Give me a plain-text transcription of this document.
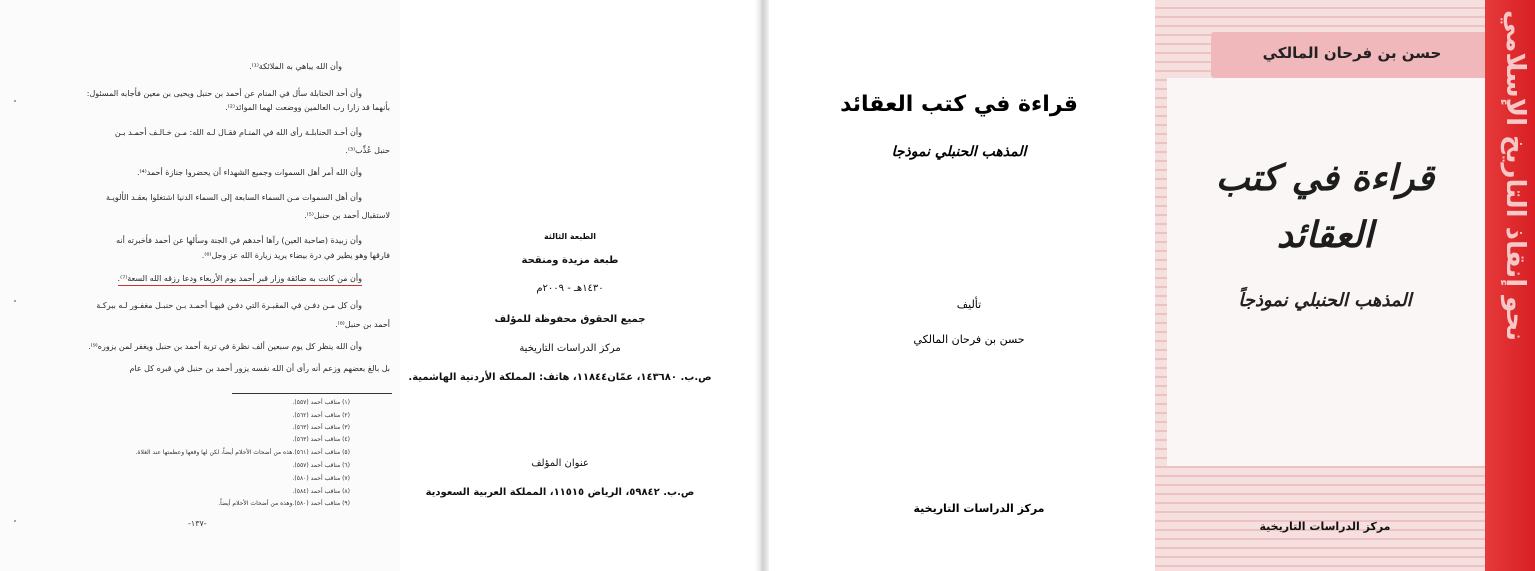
وأن الله يباهي به الملائكة⁽¹⁾.
وأن أحد الحنابلة سأل في المنام عن أحمد بن حنبل ويحيى بن معين فأجابه المسئول:
بأنهما قد زارا رب العالمين ووضعت لهما الموائد⁽²⁾.
وأن أحـد الحنابلـة رأى الله في المنـام فقـال لـه الله: مـن خـالـف أحمـد بـن
حنبل عُذِّب⁽³⁾.
وأن الله أمر أهل السموات وجميع الشهداء أن يحضروا جنازة أحمد⁽⁴⁾.
وأن أهل السموات مـن السماء السابعة إلى السماء الدنيا اشتغلوا بعقـد الألويـة
لاستقبال أحمد بن حنبل⁽⁵⁾.
وأن زبيدة (صاحبة العين) رآها أحدهم في الجنة وسألها عن أحمد فأخبرته أنه
فارقها وهو يطير في درة بيضاء يريد زيارة الله عز وجل⁽⁶⁾.
وأن من كانت به ضائقة وزار قبر أحمد يوم الأربعاء ودعا رزقه الله السعة⁽⁷⁾.
وأن كل مـن دفـن في المقبـرة التي دفـن فيهـا أحمـد بـن حنبـل مغفـور لـه ببركـة
أحمد بن حنبل⁽⁸⁾.
وأن الله ينظر كل يوم سبعين ألف نظرة في تربة أحمد بن حنبل ويغفر لمن يزوره⁽⁹⁾.
بل بالغ بعضهم وزعم أنه رأى أن الله نفسه يزور أحمد بن حنبل في قبره كل عام
(١) مناقب أحمد (٥٥٧).
(٢) مناقب أحمد (٥٦٢).
(٣) مناقب أحمد (٥٦٣).
(٤) مناقب أحمد (٥٦٣).
(٥) مناقب أحمد (٥٦١).هذه من أضحاث الأحلام أيضاً، لكن لها وقعها وعظمتها عند الغلاة.
(٦) مناقب أحمد (٥٥٧).
(٧) مناقب أحمد (٥٨٠).
(٨) مناقب أحمد (٥٨٤).
(٩) مناقب أحمد (٥٨٠).وهذه من أضحاث الأحلام أيضاً.
-١٣٧-
الطبعة الثالثة
طبعة مزيدة ومنقحة
١٤٣٠هـ - ٢٠٠٩م
جميع الحقوق محفوظة للمؤلف
مركز الدراسات التاريخية
ص.ب. ١٤٣٦٨٠، عمّان١١٨٤٤، هاتف: المملكة الأردنية الهاشمية.
عنوان المؤلف
ص.ب. ٥٩٨٤٢، الرياض ١١٥١٥، المملكة العربية السعودية
قراءة في كتب العقائد
المذهب الحنبلي نموذجا
تأليف
حسن بن فرحان المالكي
مركز الدراسات التاريخية
حسن بن فرحان المالكي
قراءة في كتب
العقائد
المذهب الحنبلي نموذجاً
مركز الدراسات التاريخية
نحو إنقاذ التاريخ الإسلامي
